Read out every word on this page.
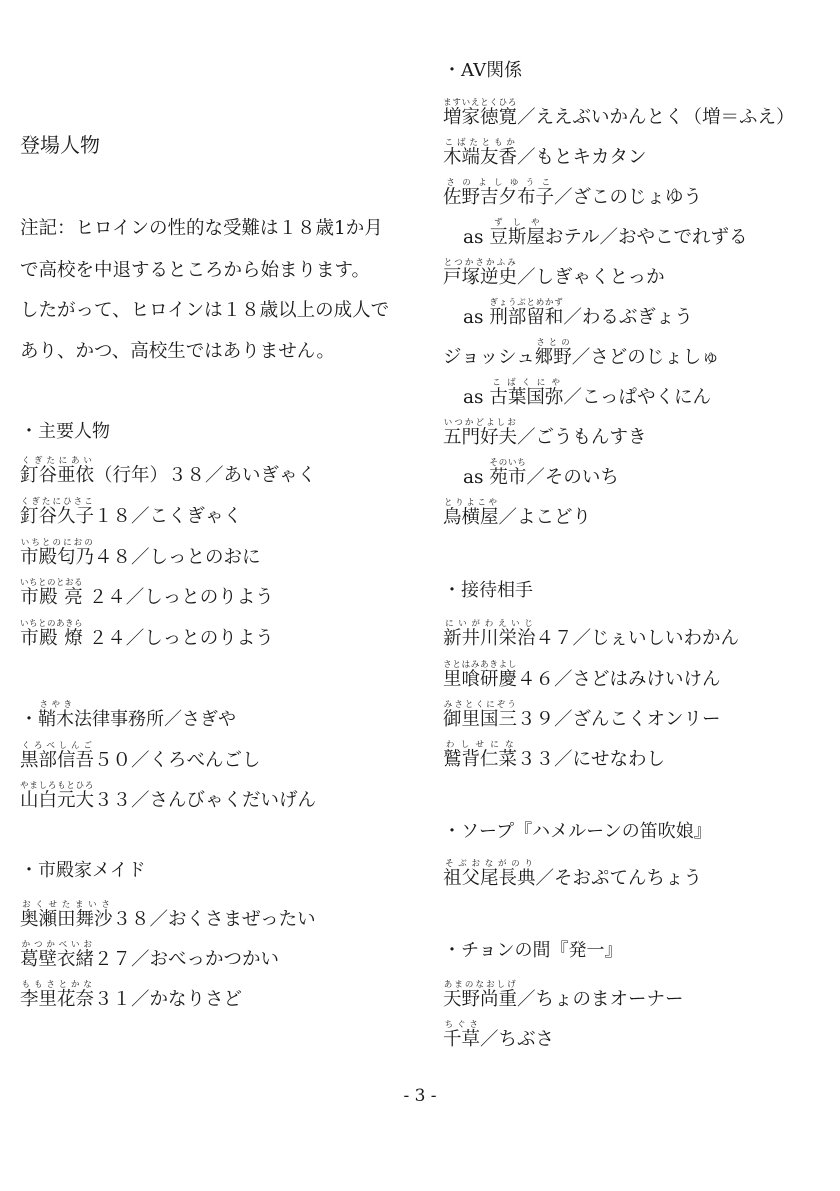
登場人物
注記：ヒロインの性的な受難は１８歳1か月
で高校を中退するところから始まります。
したがって、ヒロインは１８歳以上の成人で
あり、かつ、高校生ではありません。
・主要人物
釘谷亜依くぎたにあい（行年）３８／あいぎゃく
釘谷久子くぎたにひさこ１８／こくぎゃく
市殿匂乃いちとのにおの４８／しっとのおに
市殿 亮いちとのとおる ２４／しっとのりよう
市殿 燎いちとのあきら ２４／しっとのりよう
・鞘木さやき法律事務所／さぎや
黒部信吾くろべしんご５０／くろべんごし
山白元大やましろもとひろ３３／さんびゃくだいげん
・市殿家メイド
奥瀬田舞沙おくせたまいさ３８／おくさまぜったい
葛壁衣緒かつかべいお２７／おべっかつかい
李里花奈ももさとかな３１／かなりさど
・AV関係
増家徳寛ますいえとくひろ／ええぶいかんとく（増＝ふえ）
木端友香こばたともか／もとキカタン
佐野吉夕布子さのよしゆうこ／ざこのじょゆう
as 豆斯屋ずしやおテル／おやこでれずる
戸塚逆史とつかさかふみ／しぎゃくとっか
as 刑部留和ぎょうぶとめかず／わるぶぎょう
ジョッシュ郷野さとの／さどのじょしゅ
as 古葉国弥こばくにや／こっぱやくにん
五門好夫いつかどよしお／ごうもんすき
as 苑市そのいち／そのいち
鳥横屋とりよこや／よこどり
・接待相手
新井川栄治にいがわえいじ４７／じぇいしいわかん
里喰研慶さとはみあきよし４６／さどはみけいけん
御里国三みさとくにぞう３９／ざんこくオンリー
鷲背仁菜わしせにな３３／にせなわし
・ソープ『ハメルーンの笛吹娘』
祖父尾長典そぶおながのり／そおぷてんちょう
・チョンの間『発一』
天野尚重あまのなおしげ／ちょのまオーナー
千草ちぐさ／ちぶさ
- 3 -
